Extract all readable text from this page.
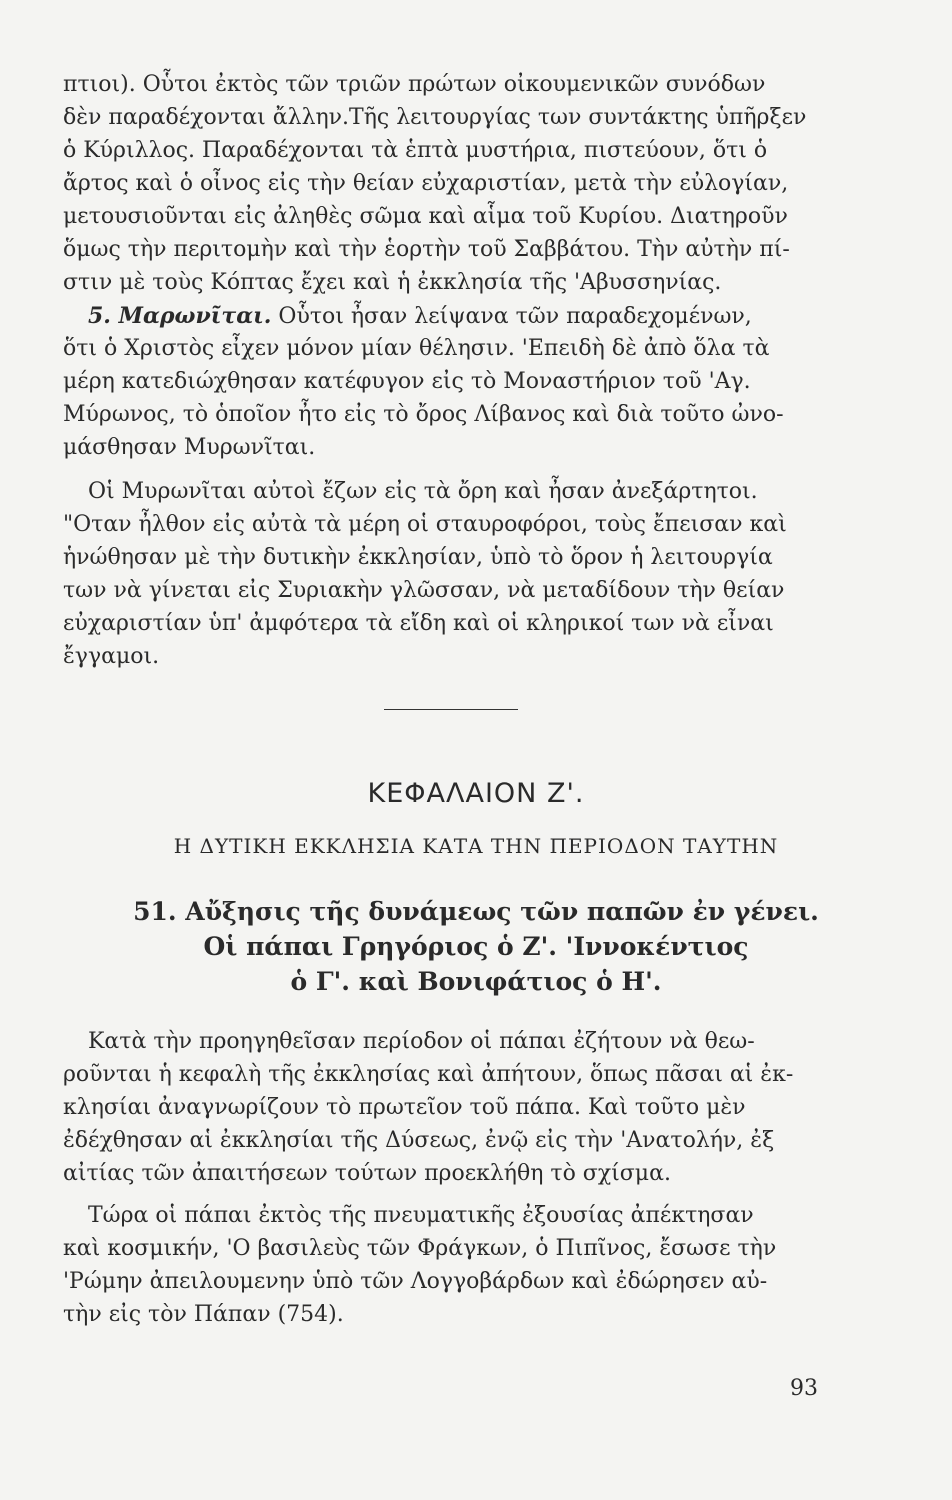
πτιοι). Οὗτοι ἐκτὸς τῶν τριῶν πρώτων οἰκουμενικῶν συνόδων
δὲν παραδέχονται ἄλλην.Τῆς λειτουργίας των συντάκτης ὑπῆρξεν
ὁ Κύριλλος. Παραδέχονται τὰ ἑπτὰ μυστήρια, πιστεύουν, ὅτι ὁ
ἄρτος καὶ ὁ οἶνος εἰς τὴν θείαν εὐχαριστίαν, μετὰ τὴν εὐλογίαν,
μετουσιοῦνται εἰς ἀληθὲς σῶμα καὶ αἷμα τοῦ Κυρίου. Διατηροῦν
ὅμως τὴν περιτομὴν καὶ τὴν ἑορτὴν τοῦ Σαββάτου. Τὴν αὐτὴν πί-
στιν μὲ τοὺς Κόπτας ἔχει καὶ ἡ ἐκκλησία τῆς 'Αβυσσηνίας.
5. Μαρωνῖται. Οὗτοι ἦσαν λείψανα τῶν παραδεχομένων,
ὅτι ὁ Χριστὸς εἶχεν μόνον μίαν θέλησιν. 'Επειδὴ δὲ ἀπὸ ὅλα τὰ
μέρη κατεδιώχθησαν κατέφυγον εἰς τὸ Μοναστήριον τοῦ 'Αγ.
Μύρωνος, τὸ ὁποῖον ἦτο εἰς τὸ ὄρος Λίβανος καὶ διὰ τοῦτο ὠνο-
μάσθησαν Μυρωνῖται.
Οἱ Μυρωνῖται αὐτοὶ ἔζων εἰς τὰ ὄρη καὶ ἦσαν ἀνεξάρτητοι.
"Οταν ἦλθον εἰς αὐτὰ τὰ μέρη οἱ σταυροφόροι, τοὺς ἔπεισαν καὶ
ἡνώθησαν μὲ τὴν δυτικὴν ἐκκλησίαν, ὑπὸ τὸ ὅρον ἡ λειτουργία
των νὰ γίνεται εἰς Συριακὴν γλῶσσαν, νὰ μεταδίδουν τὴν θείαν
εὐχαριστίαν ὑπ' ἀμφότερα τὰ εἴδη καὶ οἱ κληρικοί των νὰ εἶναι
ἔγγαμοι.
ΚΕΦΑΛΑΙΟΝ Ζ'.
Η ΔΥΤΙΚΗ ΕΚΚΛΗΣΙΑ ΚΑΤΑ ΤΗΝ ΠΕΡΙΟΔΟΝ ΤΑΥΤΗΝ
51. Αὔξησις τῆς δυνάμεως τῶν παπῶν ἐν γένει.
Οἱ πάπαι Γρηγόριος ὁ Ζ'. 'Ιννοκέντιος
ὁ Γ'. καὶ Βονιφάτιος ὁ Η'.
Κατὰ τὴν προηγηθεῖσαν περίοδον οἱ πάπαι ἐζήτουν νὰ θεω-
ροῦνται ἡ κεφαλὴ τῆς ἐκκλησίας καὶ ἀπήτουν, ὅπως πᾶσαι αἱ ἐκ-
κλησίαι ἀναγνωρίζουν τὸ πρωτεῖον τοῦ πάπα. Καὶ τοῦτο μὲν
ἐδέχθησαν αἱ ἐκκλησίαι τῆς Δύσεως, ἐνῷ εἰς τὴν 'Ανατολήν, ἐξ
αἰτίας τῶν ἀπαιτήσεων τούτων προεκλήθη τὸ σχίσμα.
Τώρα οἱ πάπαι ἐκτὸς τῆς πνευματικῆς ἐξουσίας ἀπέκτησαν
καὶ κοσμικήν, 'Ο βασιλεὺς τῶν Φράγκων, ὁ Πιπῖνος, ἔσωσε τὴν
'Ρώμην ἀπειλουμενην ὑπὸ τῶν Λογγοβάρδων καὶ ἐδώρησεν αὐ-
τὴν εἰς τὸν Πάπαν (754).
93
